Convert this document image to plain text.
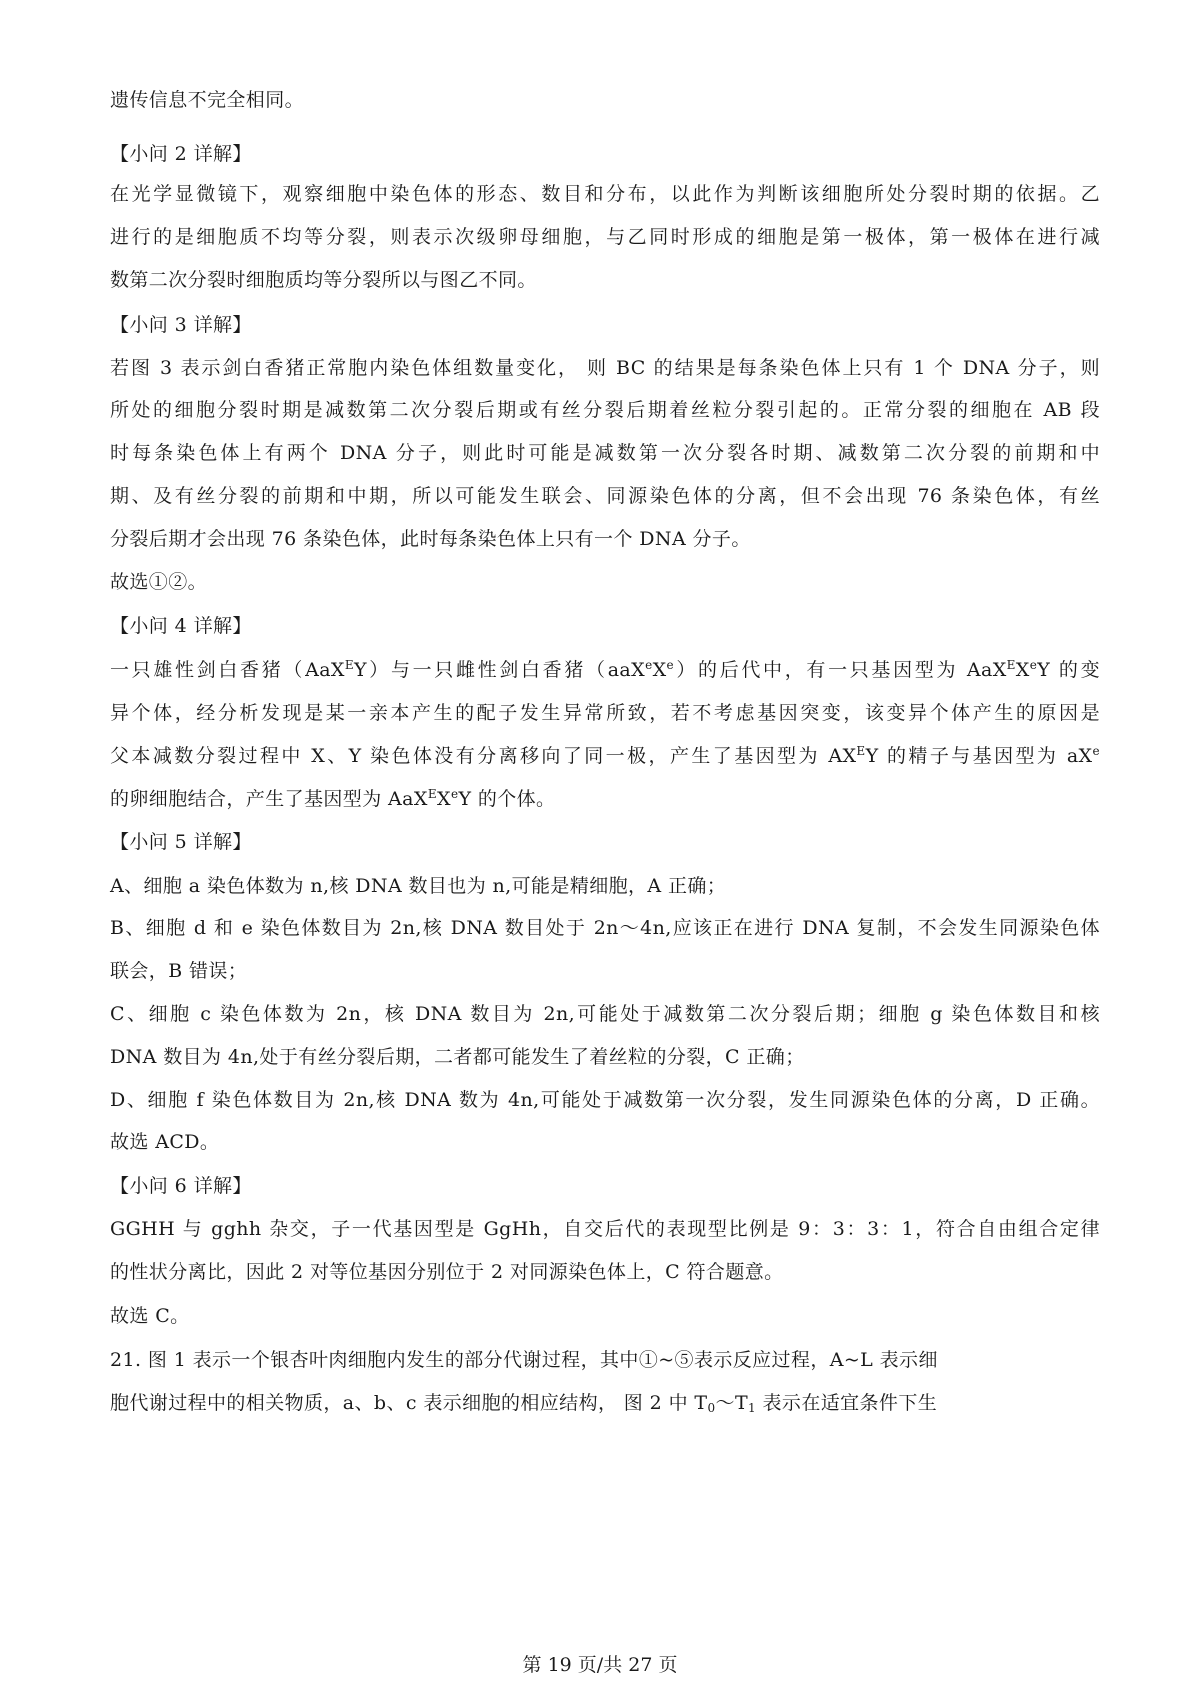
遗传信息不完全相同。
【小问 2 详解】
在光学显微镜下，观察细胞中染色体的形态、数目和分布，以此作为判断该细胞所处分裂时期的依据。乙
进行的是细胞质不均等分裂，则表示次级卵母细胞，与乙同时形成的细胞是第一极体，第一极体在进行减
数第二次分裂时细胞质均等分裂所以与图乙不同。
【小问 3 详解】
若图 3 表示剑白香猪正常胞内染色体组数量变化， 则 BC 的结果是每条染色体上只有 1 个 DNA 分子，则
所处的细胞分裂时期是减数第二次分裂后期或有丝分裂后期着丝粒分裂引起的。正常分裂的细胞在 AB 段
时每条染色体上有两个 DNA 分子，则此时可能是减数第一次分裂各时期、减数第二次分裂的前期和中
期、及有丝分裂的前期和中期，所以可能发生联会、同源染色体的分离，但不会出现 76 条染色体，有丝
分裂后期才会出现 76 条染色体，此时每条染色体上只有一个 DNA 分子。
故选①②。
【小问 4 详解】
一只雄性剑白香猪（AaX$^E$Y）与一只雌性剑白香猪（aaX$^e$Xe）的后代中，有一只基因型为 AaX$^E$XeY 的变
异个体，经分析发现是某一亲本产生的配子发生异常所致，若不考虑基因突变，该变异个体产生的原因是
父本减数分裂过程中 X、Y 染色体没有分离移向了同一极，产生了基因型为 $AX^EY$ 的精子与基因型为 $aX^e$
的卵细胞结合，产生了基因型为 AaX$^E$XeY 的个体。
【小问 5 详解】
A、细胞 a 染色体数为 n,核 DNA 数目也为 n,可能是精细胞，A 正确；
B、细胞 d 和 e 染色体数目为 2n,核 DNA 数目处于 2n～4n,应该正在进行 DNA 复制，不会发生同源染色体
联会，B 错误；
C、细胞 c 染色体数为 2n，核 DNA 数目为 2n,可能处于减数第二次分裂后期；细胞 g 染色体数目和核
DNA 数目为 4n,处于有丝分裂后期，二者都可能发生了着丝粒的分裂，C 正确；
D、细胞 f 染色体数目为 2n,核 DNA 数为 4n,可能处于减数第一次分裂，发生同源染色体的分离，D 正确。
故选 ACD。
【小问 6 详解】
GGHH 与 gghh 杂交，子一代基因型是 GgHh，自交后代的表现型比例是 9：3：3：1，符合自由组合定律
的性状分离比，因此 2 对等位基因分别位于 2 对同源染色体上，C 符合题意。
故选 C。
21. 图 1 表示一个银杏叶肉细胞内发生的部分代谢过程，其中①~⑤表示反应过程，A~L 表示细
胞代谢过程中的相关物质，a、b、c 表示细胞的相应结构， 图 2 中 $T_0\sim T_1$ 表示在适宜条件下生
第 19 页/共 27 页
